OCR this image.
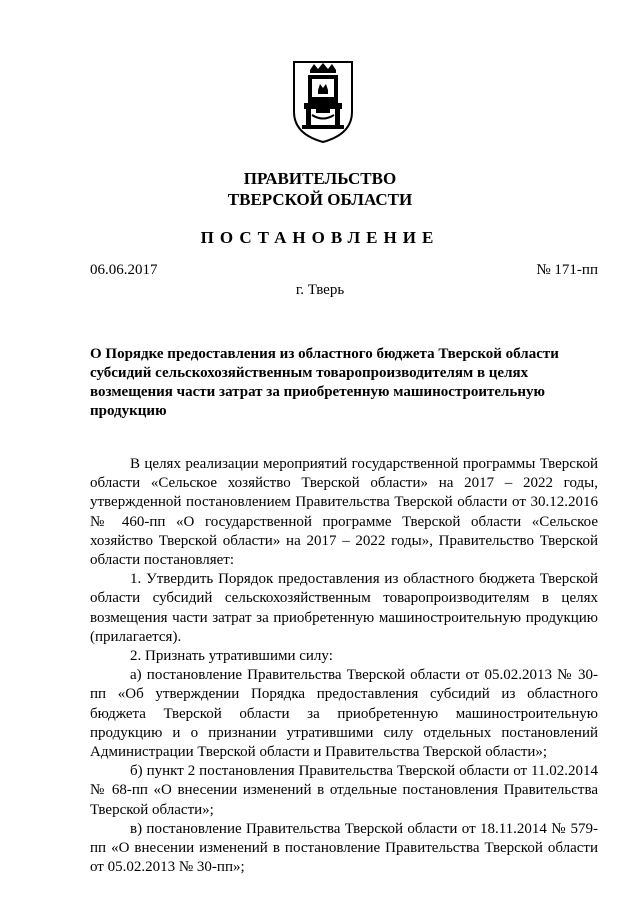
ПРАВИТЕЛЬСТВО
ТВЕРСКОЙ ОБЛАСТИ
ПОСТАНОВЛЕНИЕ
06.06.2017	№ 171-пп
г. Тверь
О Порядке предоставления из областного бюджета Тверской области субсидий сельскохозяйственным товаропроизводителям в целях возмещения части затрат за приобретенную машиностроительную продукцию

В целях реализации мероприятий государственной программы Тверской области «Сельское хозяйство Тверской области» на 2017 – 2022 годы, утвержденной постановлением Правительства Тверской области от 30.12.2016 № 460-пп «О государственной программе Тверской области «Сельское хозяйство Тверской области» на 2017 – 2022 годы», Правительство Тверской области постановляет:

1. Утвердить Порядок предоставления из областного бюджета Тверской области субсидий сельскохозяйственным товаропроизводителям в целях возмещения части затрат за приобретенную машиностроительную продукцию (прилагается).

2. Признать утратившими силу:

а) постановление Правительства Тверской области от 05.02.2013 № 30-пп «Об утверждении Порядка предоставления субсидий из областного бюджета Тверской области за приобретенную машиностроительную продукцию и о признании утратившими силу отдельных постановлений Администрации Тверской области и Правительства Тверской области»;

б) пункт 2 постановления Правительства Тверской области от 11.02.2014 № 68-пп «О внесении изменений в отдельные постановления Правительства Тверской области»;

в) постановление Правительства Тверской области от 18.11.2014 № 579-пп «О внесении изменений в постановление Правительства Тверской области от 05.02.2013 № 30-пп»;
